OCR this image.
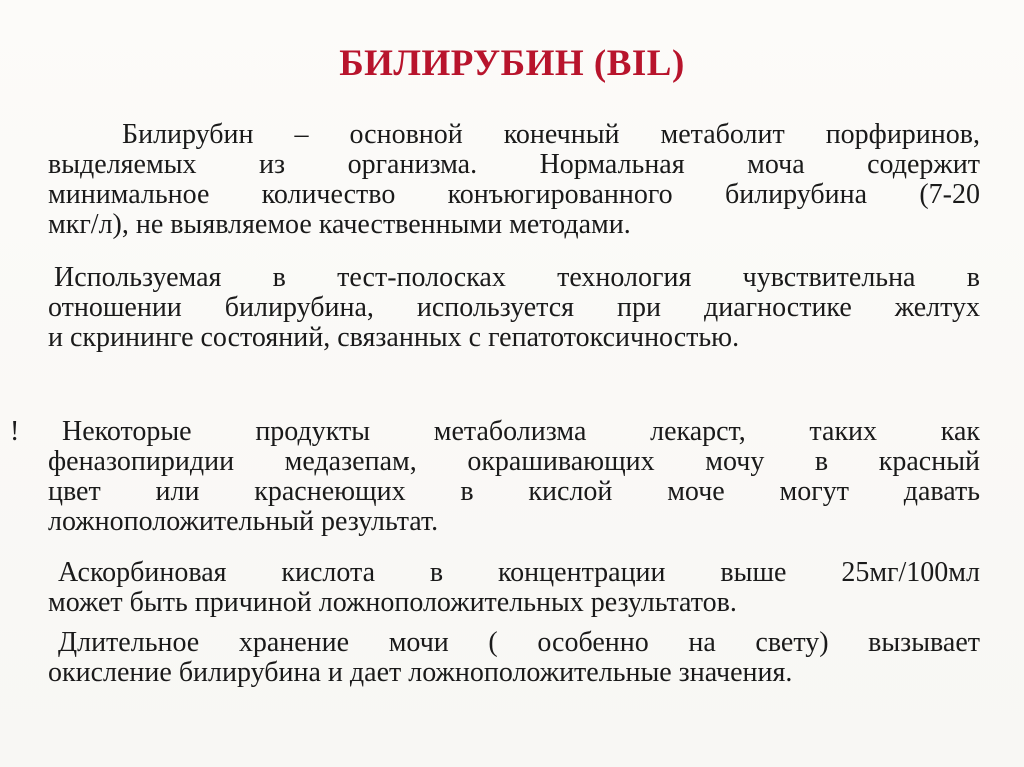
БИЛИРУБИН (BIL)

Билирубин – основной конечный метаболит порфиринов,
выделяемых из организма. Нормальная моча содержит
минимальное количество конъюгированного билирубина (7-20
мкг/л), не выявляемое качественными методами.

Используемая в тест-полосках технология чувствительна в
отношении билирубина, используется при диагностике желтух
и скрининге состояний, связанных с гепатотоксичностью.

!	Некоторые продукты метаболизма лекарст, таких как
феназопиридии медазепам, окрашивающих мочу в красный
цвет или краснеющих в кислой моче могут давать
ложноположительный результат.

Аскорбиновая кислота в концентрации выше 25мг/100мл
может быть причиной ложноположительных результатов.

Длительное хранение мочи ( особенно на свету) вызывает
окисление билирубина и дает ложноположительные значения.
